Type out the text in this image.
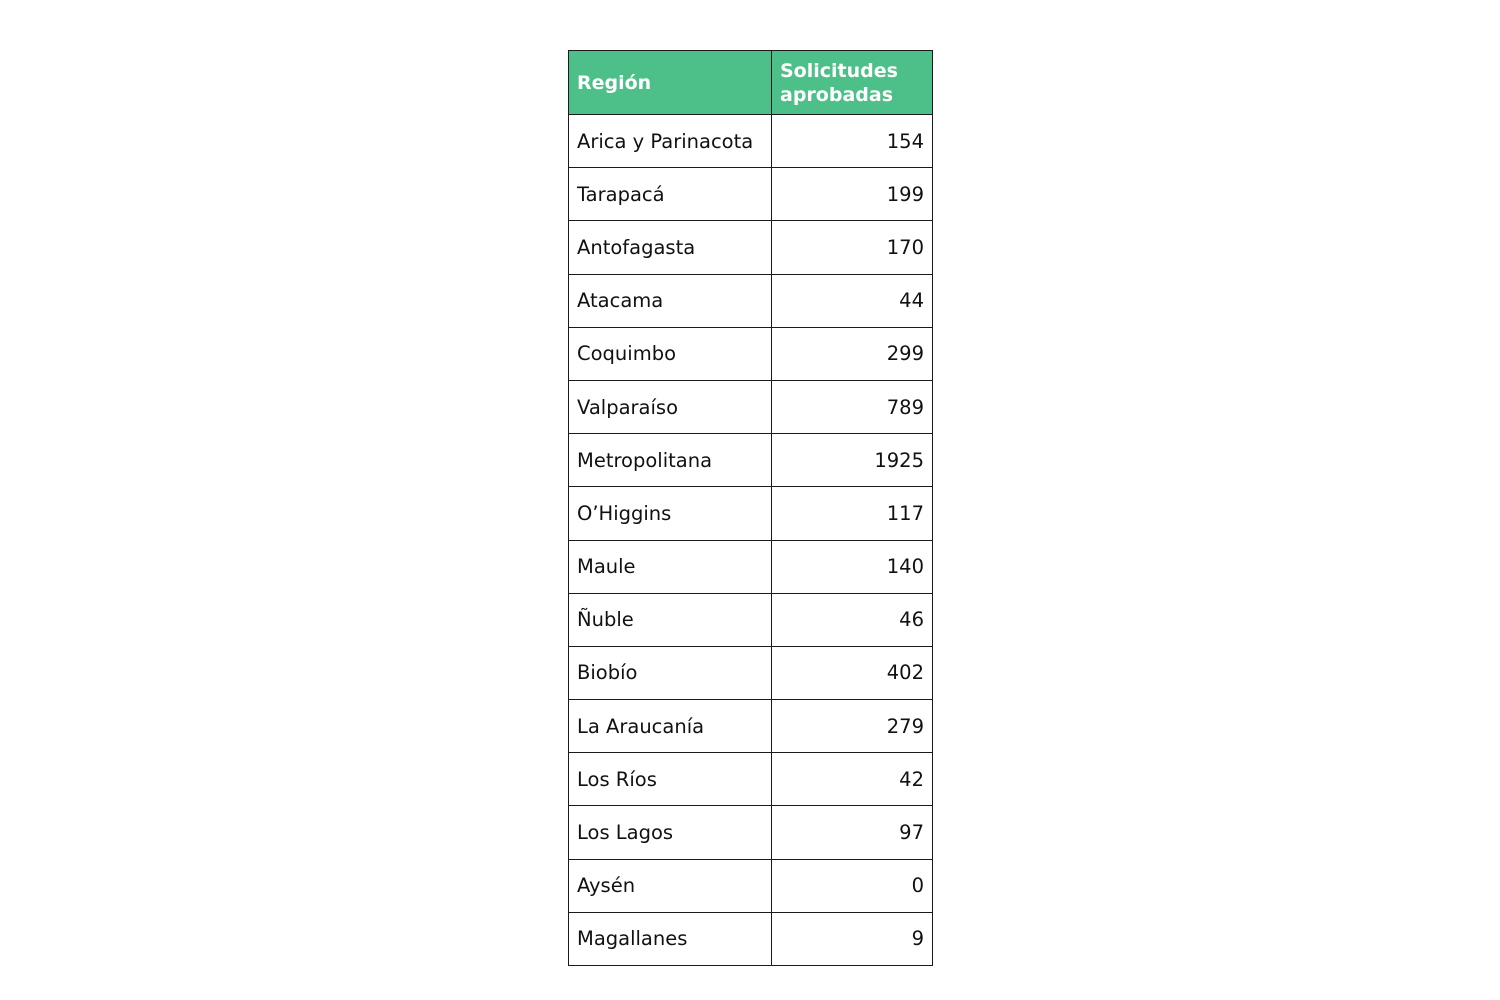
Región	Solicitudes aprobadas
Arica y Parinacota	154
Tarapacá	199
Antofagasta	170
Atacama	44
Coquimbo	299
Valparaíso	789
Metropolitana	1925
O’Higgins	117
Maule	140
Ñuble	46
Biobío	402
La Araucanía	279
Los Ríos	42
Los Lagos	97
Aysén	0
Magallanes	9
